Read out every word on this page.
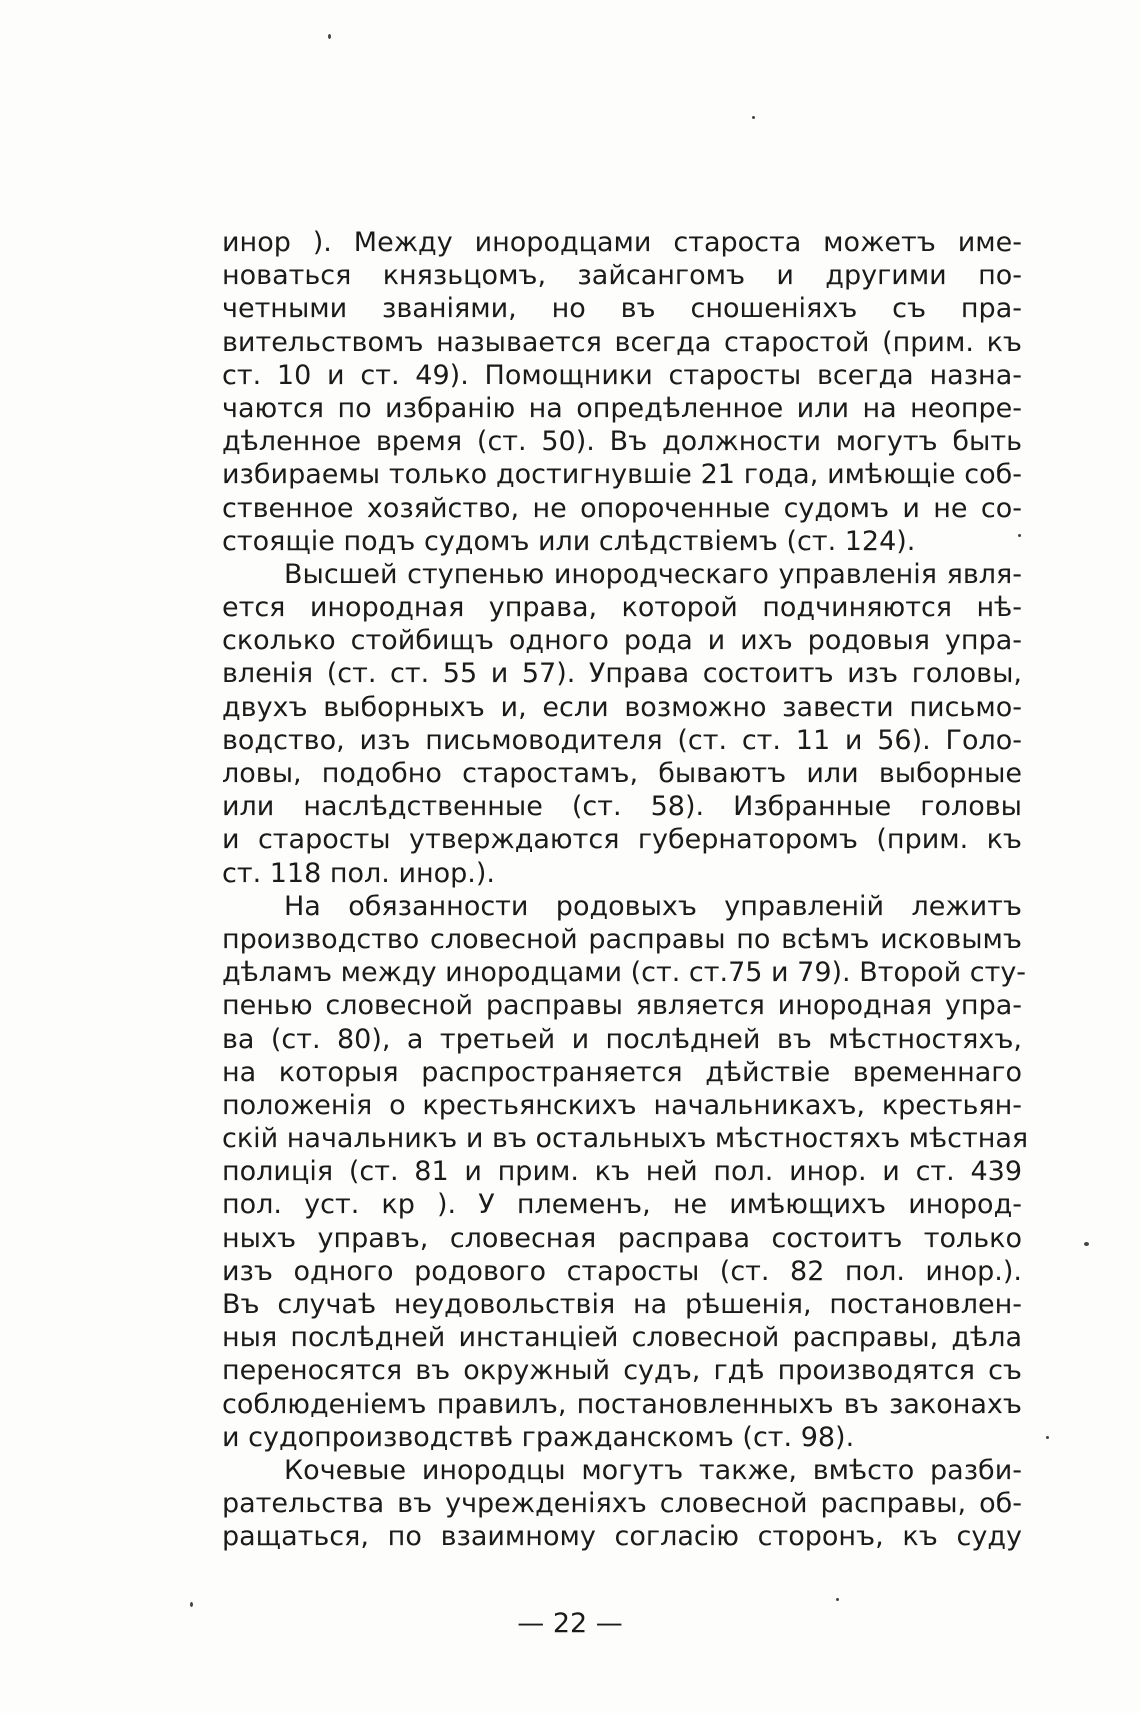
инор ). Между инородцами староста можетъ име-
новаться князьцомъ, зайсангомъ и другими по-
четными званiями, но въ сношенiяхъ съ пра-
вительствомъ называется всегда старостой (прим. къ
ст. 10 и ст. 49). Помощники старосты всегда назна-
чаются по избранiю на опредѣленное или на неопре-
дѣленное время (ст. 50). Въ должности могутъ быть
избираемы только достигнувшiе 21 года, имѣющiе соб-
ственное хозяйство, не опороченные судомъ и не со-
стоящiе подъ судомъ или слѣдствiемъ (ст. 124).
Высшей ступенью инородческаго управленiя явля-
ется инородная управа, которой подчиняются нѣ-
сколько стойбищъ одного рода и ихъ родовыя упра-
вленiя (ст. ст. 55 и 57). Управа состоитъ изъ головы,
двухъ выборныхъ и, если возможно завести письмо-
водство, изъ письмоводителя (ст. ст. 11 и 56). Голо-
ловы, подобно старостамъ, бываютъ или выборные
или наслѣдственные (ст. 58). Избранные головы
и старосты утверждаются губернаторомъ (прим. къ
ст. 118 пол. инор.).
На обязанности родовыхъ управленiй лежитъ
производство словесной расправы по всѣмъ исковымъ
дѣламъ между инородцами (ст. ст.75 и 79). Второй сту-
пенью словесной расправы является инородная упра-
ва (ст. 80), а третьей и послѣдней въ мѣстностяхъ,
на которыя распространяется дѣйствiе временнаго
положенiя о крестьянскихъ начальникахъ, крестьян-
скiй начальникъ и въ остальныхъ мѣстностяхъ мѣстная
полицiя (ст. 81 и прим. къ ней пол. инор. и ст. 439
пол. уст. кр ). У племенъ, не имѣющихъ инород-
ныхъ управъ, словесная расправа состоитъ только
изъ одного родового старосты (ст. 82 пол. инор.).
Въ случаѣ неудовольствiя на рѣшенiя, постановлен-
ныя послѣдней инстанцiей словесной расправы, дѣла
переносятся въ окружный судъ, гдѣ производятся съ
соблюденiемъ правилъ, постановленныхъ въ законахъ
и судопроизводствѣ гражданскомъ (ст. 98).
Кочевые инородцы могутъ также, вмѣсто разби-
рательства въ учрежденiяхъ словесной расправы, об-
ращаться, по взаимному согласiю сторонъ, къ суду
— 22 —
